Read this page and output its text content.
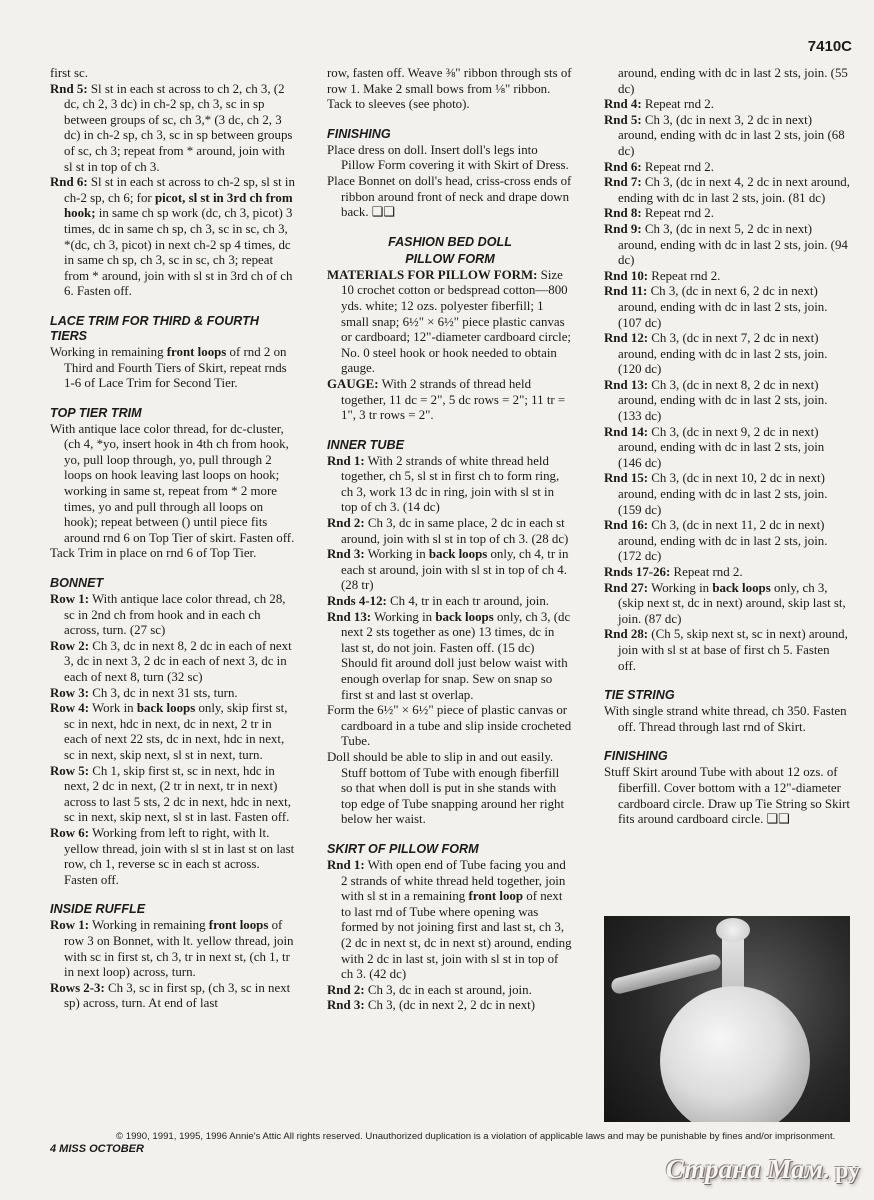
7410C

first sc.

Rnd 5: Sl st in each st across to ch 2, ch 3, (2 dc, ch 2, 3 dc) in ch-2 sp, ch 3, sc in sp between groups of sc, ch 3,* (3 dc, ch 2, 3 dc) in ch-2 sp, ch 3, sc in sp between groups of sc, ch 3; repeat from * around, join with sl st in top of ch 3.

Rnd 6: Sl st in each st across to ch-2 sp, sl st in ch-2 sp, ch 6; for picot, sl st in 3rd ch from hook; in same ch sp work (dc, ch 3, picot) 3 times, dc in same ch sp, ch 3, sc in sc, ch 3, *(dc, ch 3, picot) in next ch-2 sp 4 times, dc in same ch sp, ch 3, sc in sc, ch 3; repeat from * around, join with sl st in 3rd ch of ch 6. Fasten off.

LACE TRIM FOR THIRD & FOURTH TIERS

Working in remaining front loops of rnd 2 on Third and Fourth Tiers of Skirt, repeat rnds 1-6 of Lace Trim for Second Tier.

TOP TIER TRIM

With antique lace color thread, for dc-cluster, (ch 4, *yo, insert hook in 4th ch from hook, yo, pull loop through, yo, pull through 2 loops on hook leaving last loops on hook; working in same st, repeat from * 2 more times, yo and pull through all loops on hook); repeat between () until piece fits around rnd 6 on Top Tier of skirt. Fasten off.

Tack Trim in place on rnd 6 of Top Tier.

BONNET

Row 1: With antique lace color thread, ch 28, sc in 2nd ch from hook and in each ch across, turn. (27 sc)

Row 2: Ch 3, dc in next 8, 2 dc in each of next 3, dc in next 3, 2 dc in each of next 3, dc in each of next 8, turn (32 sc)

Row 3: Ch 3, dc in next 31 sts, turn.

Row 4: Work in back loops only, skip first st, sc in next, hdc in next, dc in next, 2 tr in each of next 22 sts, dc in next, hdc in next, sc in next, skip next, sl st in next, turn.

Row 5: Ch 1, skip first st, sc in next, hdc in next, 2 dc in next, (2 tr in next, tr in next) across to last 5 sts, 2 dc in next, hdc in next, sc in next, skip next, sl st in last. Fasten off.

Row 6: Working from left to right, with lt. yellow thread, join with sl st in last st on last row, ch 1, reverse sc in each st across. Fasten off.

INSIDE RUFFLE

Row 1: Working in remaining front loops of row 3 on Bonnet, with lt. yellow thread, join with sc in first st, ch 3, tr in next st, (ch 1, tr in next loop) across, turn.

Rows 2-3: Ch 3, sc in first sp, (ch 3, sc in next sp) across, turn. At end of last

row, fasten off. Weave ⅜" ribbon through sts of row 1. Make 2 small bows from ⅛" ribbon. Tack to sleeves (see photo).

FINISHING

Place dress on doll. Insert doll's legs into Pillow Form covering it with Skirt of Dress.

Place Bonnet on doll's head, criss-cross ends of ribbon around front of neck and drape down back. ❑❑

FASHION BED DOLL
PILLOW FORM

MATERIALS FOR PILLOW FORM: Size 10 crochet cotton or bedspread cotton—800 yds. white; 12 ozs. polyester fiberfill; 1 small snap; 6½" × 6½" piece plastic canvas or cardboard; 12"-diameter cardboard circle; No. 0 steel hook or hook needed to obtain gauge.

GAUGE: With 2 strands of thread held together, 11 dc = 2", 5 dc rows = 2"; 11 tr = 1", 3 tr rows = 2".

INNER TUBE

Rnd 1: With 2 strands of white thread held together, ch 5, sl st in first ch to form ring, ch 3, work 13 dc in ring, join with sl st in top of ch 3. (14 dc)

Rnd 2: Ch 3, dc in same place, 2 dc in each st around, join with sl st in top of ch 3. (28 dc)

Rnd 3: Working in back loops only, ch 4, tr in each st around, join with sl st in top of ch 4. (28 tr)

Rnds 4-12: Ch 4, tr in each tr around, join.

Rnd 13: Working in back loops only, ch 3, (dc next 2 sts together as one) 13 times, dc in last st, do not join. Fasten off. (15 dc) Should fit around doll just below waist with enough overlap for snap. Sew on snap so first st and last st overlap.

Form the 6½" × 6½" piece of plastic canvas or cardboard in a tube and slip inside crocheted Tube.

Doll should be able to slip in and out easily. Stuff bottom of Tube with enough fiberfill so that when doll is put in she stands with top edge of Tube snapping around her right below her waist.

SKIRT OF PILLOW FORM

Rnd 1: With open end of Tube facing you and 2 strands of white thread held together, join with sl st in a remaining front loop of next to last rnd of Tube where opening was formed by not joining first and last st, ch 3, (2 dc in next st, dc in next st) around, ending with 2 dc in last st, join with sl st in top of ch 3. (42 dc)

Rnd 2: Ch 3, dc in each st around, join.

Rnd 3: Ch 3, (dc in next 2, 2 dc in next)

around, ending with dc in last 2 sts, join. (55 dc)

Rnd 4: Repeat rnd 2.

Rnd 5: Ch 3, (dc in next 3, 2 dc in next) around, ending with dc in last 2 sts, join (68 dc)

Rnd 6: Repeat rnd 2.

Rnd 7: Ch 3, (dc in next 4, 2 dc in next around, ending with dc in last 2 sts, join. (81 dc)

Rnd 8: Repeat rnd 2.

Rnd 9: Ch 3, (dc in next 5, 2 dc in next) around, ending with dc in last 2 sts, join. (94 dc)

Rnd 10: Repeat rnd 2.

Rnd 11: Ch 3, (dc in next 6, 2 dc in next) around, ending with dc in last 2 sts, join. (107 dc)

Rnd 12: Ch 3, (dc in next 7, 2 dc in next) around, ending with dc in last 2 sts, join. (120 dc)

Rnd 13: Ch 3, (dc in next 8, 2 dc in next) around, ending with dc in last 2 sts, join. (133 dc)

Rnd 14: Ch 3, (dc in next 9, 2 dc in next) around, ending with dc in last 2 sts, join (146 dc)

Rnd 15: Ch 3, (dc in next 10, 2 dc in next) around, ending with dc in last 2 sts, join. (159 dc)

Rnd 16: Ch 3, (dc in next 11, 2 dc in next) around, ending with dc in last 2 sts, join. (172 dc)

Rnds 17-26: Repeat rnd 2.

Rnd 27: Working in back loops only, ch 3, (skip next st, dc in next) around, skip last st, join. (87 dc)

Rnd 28: (Ch 5, skip next st, sc in next) around, join with sl st at base of first ch 5. Fasten off.

TIE STRING

With single strand white thread, ch 350. Fasten off. Thread through last rnd of Skirt.

FINISHING

Stuff Skirt around Tube with about 12 ozs. of fiberfill. Cover bottom with a 12"-diameter cardboard circle. Draw up Tie String so Skirt fits around cardboard circle. ❑❑

© 1990, 1991, 1995, 1996 Annie's Attic All rights reserved. Unauthorized duplication is a violation of applicable laws and may be punishable by fines and/or imprisonment.
4 MISS OCTOBER
Страна Мам. ру
